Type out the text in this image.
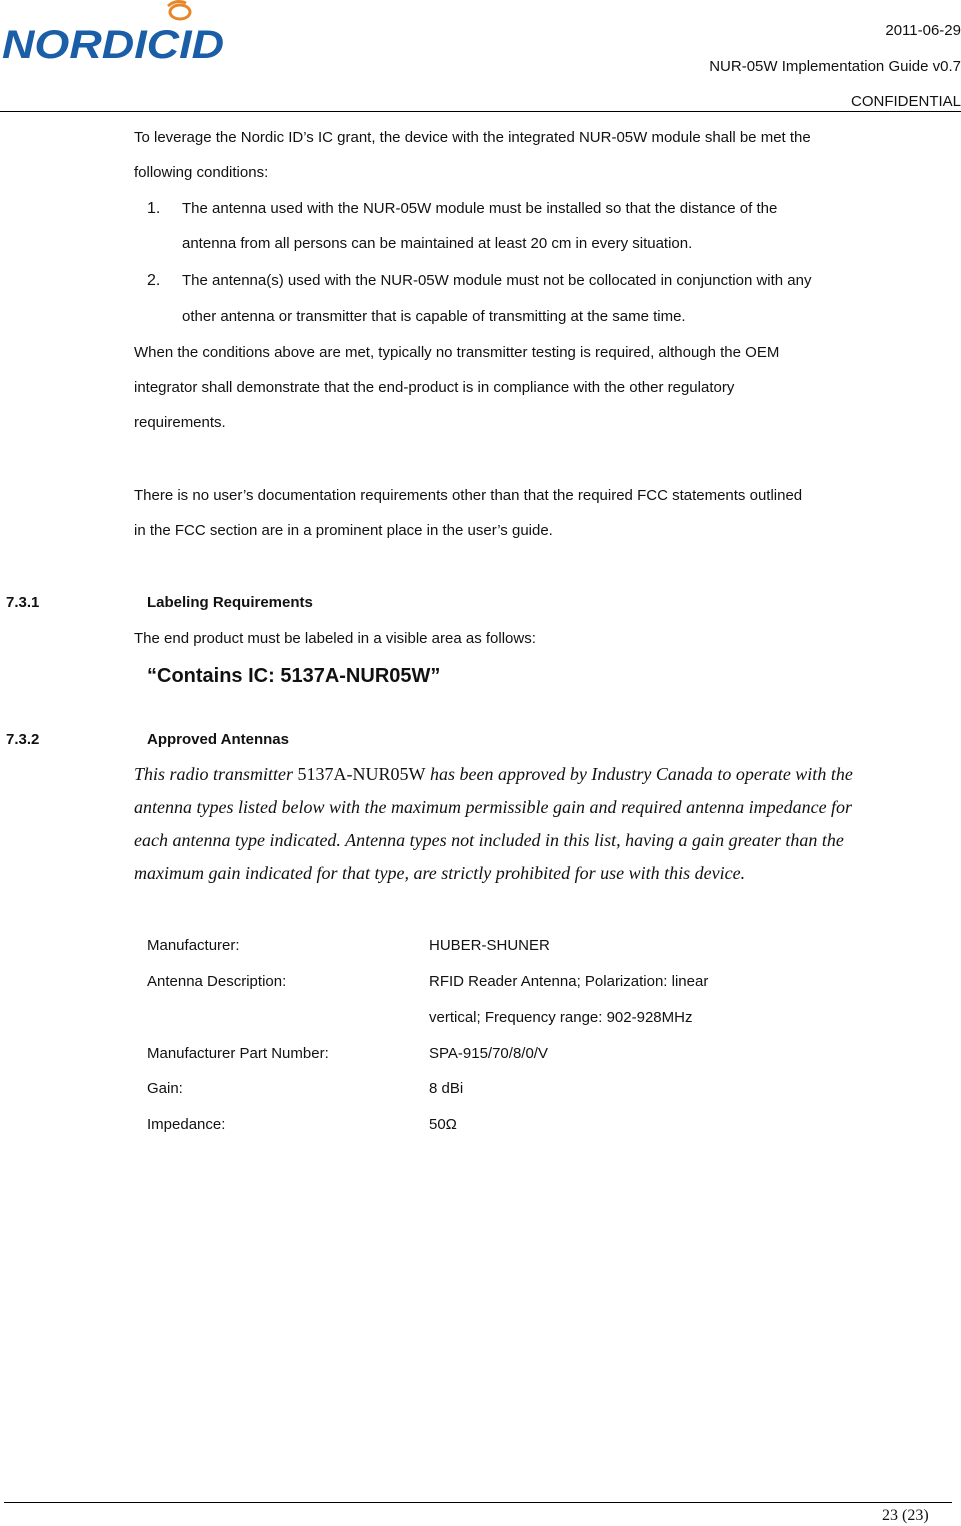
NORDICID	2011-06-29
NUR-05W Implementation Guide v0.7
CONFIDENTIAL
To leverage the Nordic ID’s IC grant, the device with the integrated NUR-05W module shall be met the
following conditions:
1. The antenna used with the NUR-05W module must be installed so that the distance of the
antenna from all persons can be maintained at least 20 cm in every situation.
2. The antenna(s) used with the NUR-05W module must not be collocated in conjunction with any
other antenna or transmitter that is capable of transmitting at the same time.
When the conditions above are met, typically no transmitter testing is required, although the OEM
integrator shall demonstrate that the end-product is in compliance with the other regulatory
requirements.
There is no user’s documentation requirements other than that the required FCC statements outlined
in the FCC section are in a prominent place in the user’s guide.
7.3.1	Labeling Requirements
The end product must be labeled in a visible area as follows:
“Contains IC: 5137A-NUR05W”
7.3.2	Approved Antennas
This radio transmitter 5137A-NUR05W has been approved by Industry Canada to operate with the
antenna types listed below with the maximum permissible gain and required antenna impedance for
each antenna type indicated. Antenna types not included in this list, having a gain greater than the
maximum gain indicated for that type, are strictly prohibited for use with this device.
Manufacturer:	HUBER-SHUNER
Antenna Description:	RFID Reader Antenna; Polarization: linear
vertical; Frequency range: 902-928MHz
Manufacturer Part Number:	SPA-915/70/8/0/V
Gain:	8 dBi
Impedance:	50Ω
23 (23)
